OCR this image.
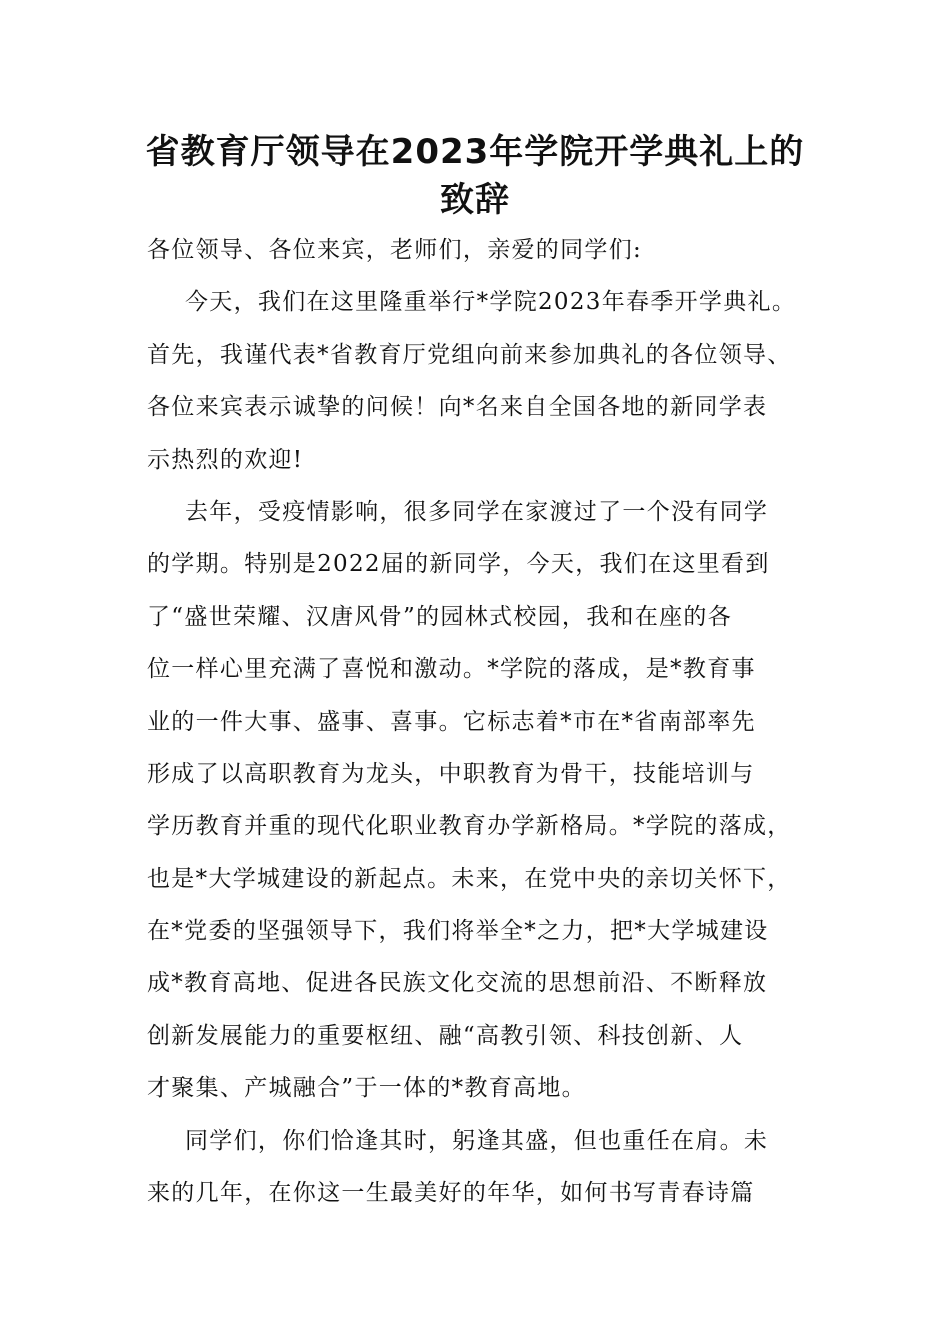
省教育厅领导在2023年学院开学典礼上的
致辞
各位领导、各位来宾，老师们，亲爱的同学们:
今天，我们在这里隆重举行*学院2023年春季开学典礼。
首先，我谨代表*省教育厅党组向前来参加典礼的各位领导、
各位来宾表示诚挚的问候！向*名来自全国各地的新同学表
示热烈的欢迎!
去年，受疫情影响，很多同学在家渡过了一个没有同学
的学期。特别是2022届的新同学，今天，我们在这里看到
了“盛世荣耀、汉唐风骨”的园林式校园，我和在座的各
位一样心里充满了喜悦和激动。*学院的落成，是*教育事
业的一件大事、盛事、喜事。它标志着*市在*省南部率先
形成了以高职教育为龙头，中职教育为骨干，技能培训与
学历教育并重的现代化职业教育办学新格局。*学院的落成，
也是*大学城建设的新起点。未来，在党中央的亲切关怀下，
在*党委的坚强领导下，我们将举全*之力，把*大学城建设
成*教育高地、促进各民族文化交流的思想前沿、不断释放
创新发展能力的重要枢纽、融“高教引领、科技创新、人
才聚集、产城融合”于一体的*教育高地。
同学们，你们恰逢其时，躬逢其盛，但也重任在肩。未
来的几年，在你这一生最美好的年华，如何书写青春诗篇
